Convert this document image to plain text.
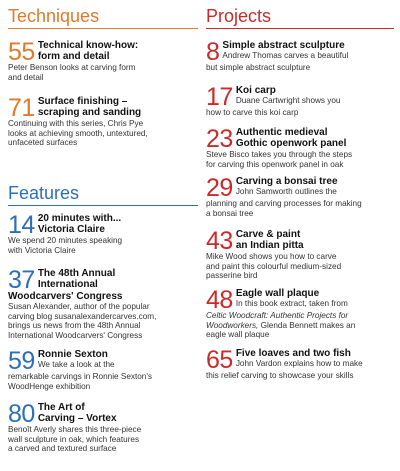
Techniques
55 Technical know-how:
form and detail
Peter Benson looks at carving form
and detail
71 Surface finishing –
scraping and sanding
Continuing with this series, Chris Pye
looks at achieving smooth, untextured,
unfaceted surfaces
Features
14 20 minutes with...
Victoria Claire
We spend 20 minutes speaking
with Victoria Claire
37 The 48th Annual
International
Woodcarvers' Congress
Susan Alexander, author of the popular
carving blog susanalexandercarves.com,
brings us news from the 48th Annual
International Woodcarvers' Congress
59 Ronnie Sexton
We take a look at the
remarkable carvings in Ronnie Sexton's
WoodHenge exhibition
80 The Art of
Carving – Vortex
Benoît Averly shares this three-piece
wall sculpture in oak, which features
a carved and textured surface
Projects
8 Simple abstract sculpture
Andrew Thomas carves a beautiful
but simple abstract sculpture
17 Koi carp
Duane Cartwright shows you
how to carve this koi carp
23 Authentic medieval
Gothic openwork panel
Steve Bisco takes you through the steps
for carving this openwork panel in oak
29 Carving a bonsai tree
John Samworth outlines the
planning and carving processes for making
a bonsai tree
43 Carve & paint
an Indian pitta
Mike Wood shows you how to carve
and paint this colourful medium-sized
passerine bird
48 Eagle wall plaque
In this book extract, taken from
Celtic Woodcraft: Authentic Projects for
Woodworkers, Glenda Bennett makes an
eagle wall plaque
65 Five loaves and two fish
John Vardon explains how to make
this relief carving to showcase your skills
